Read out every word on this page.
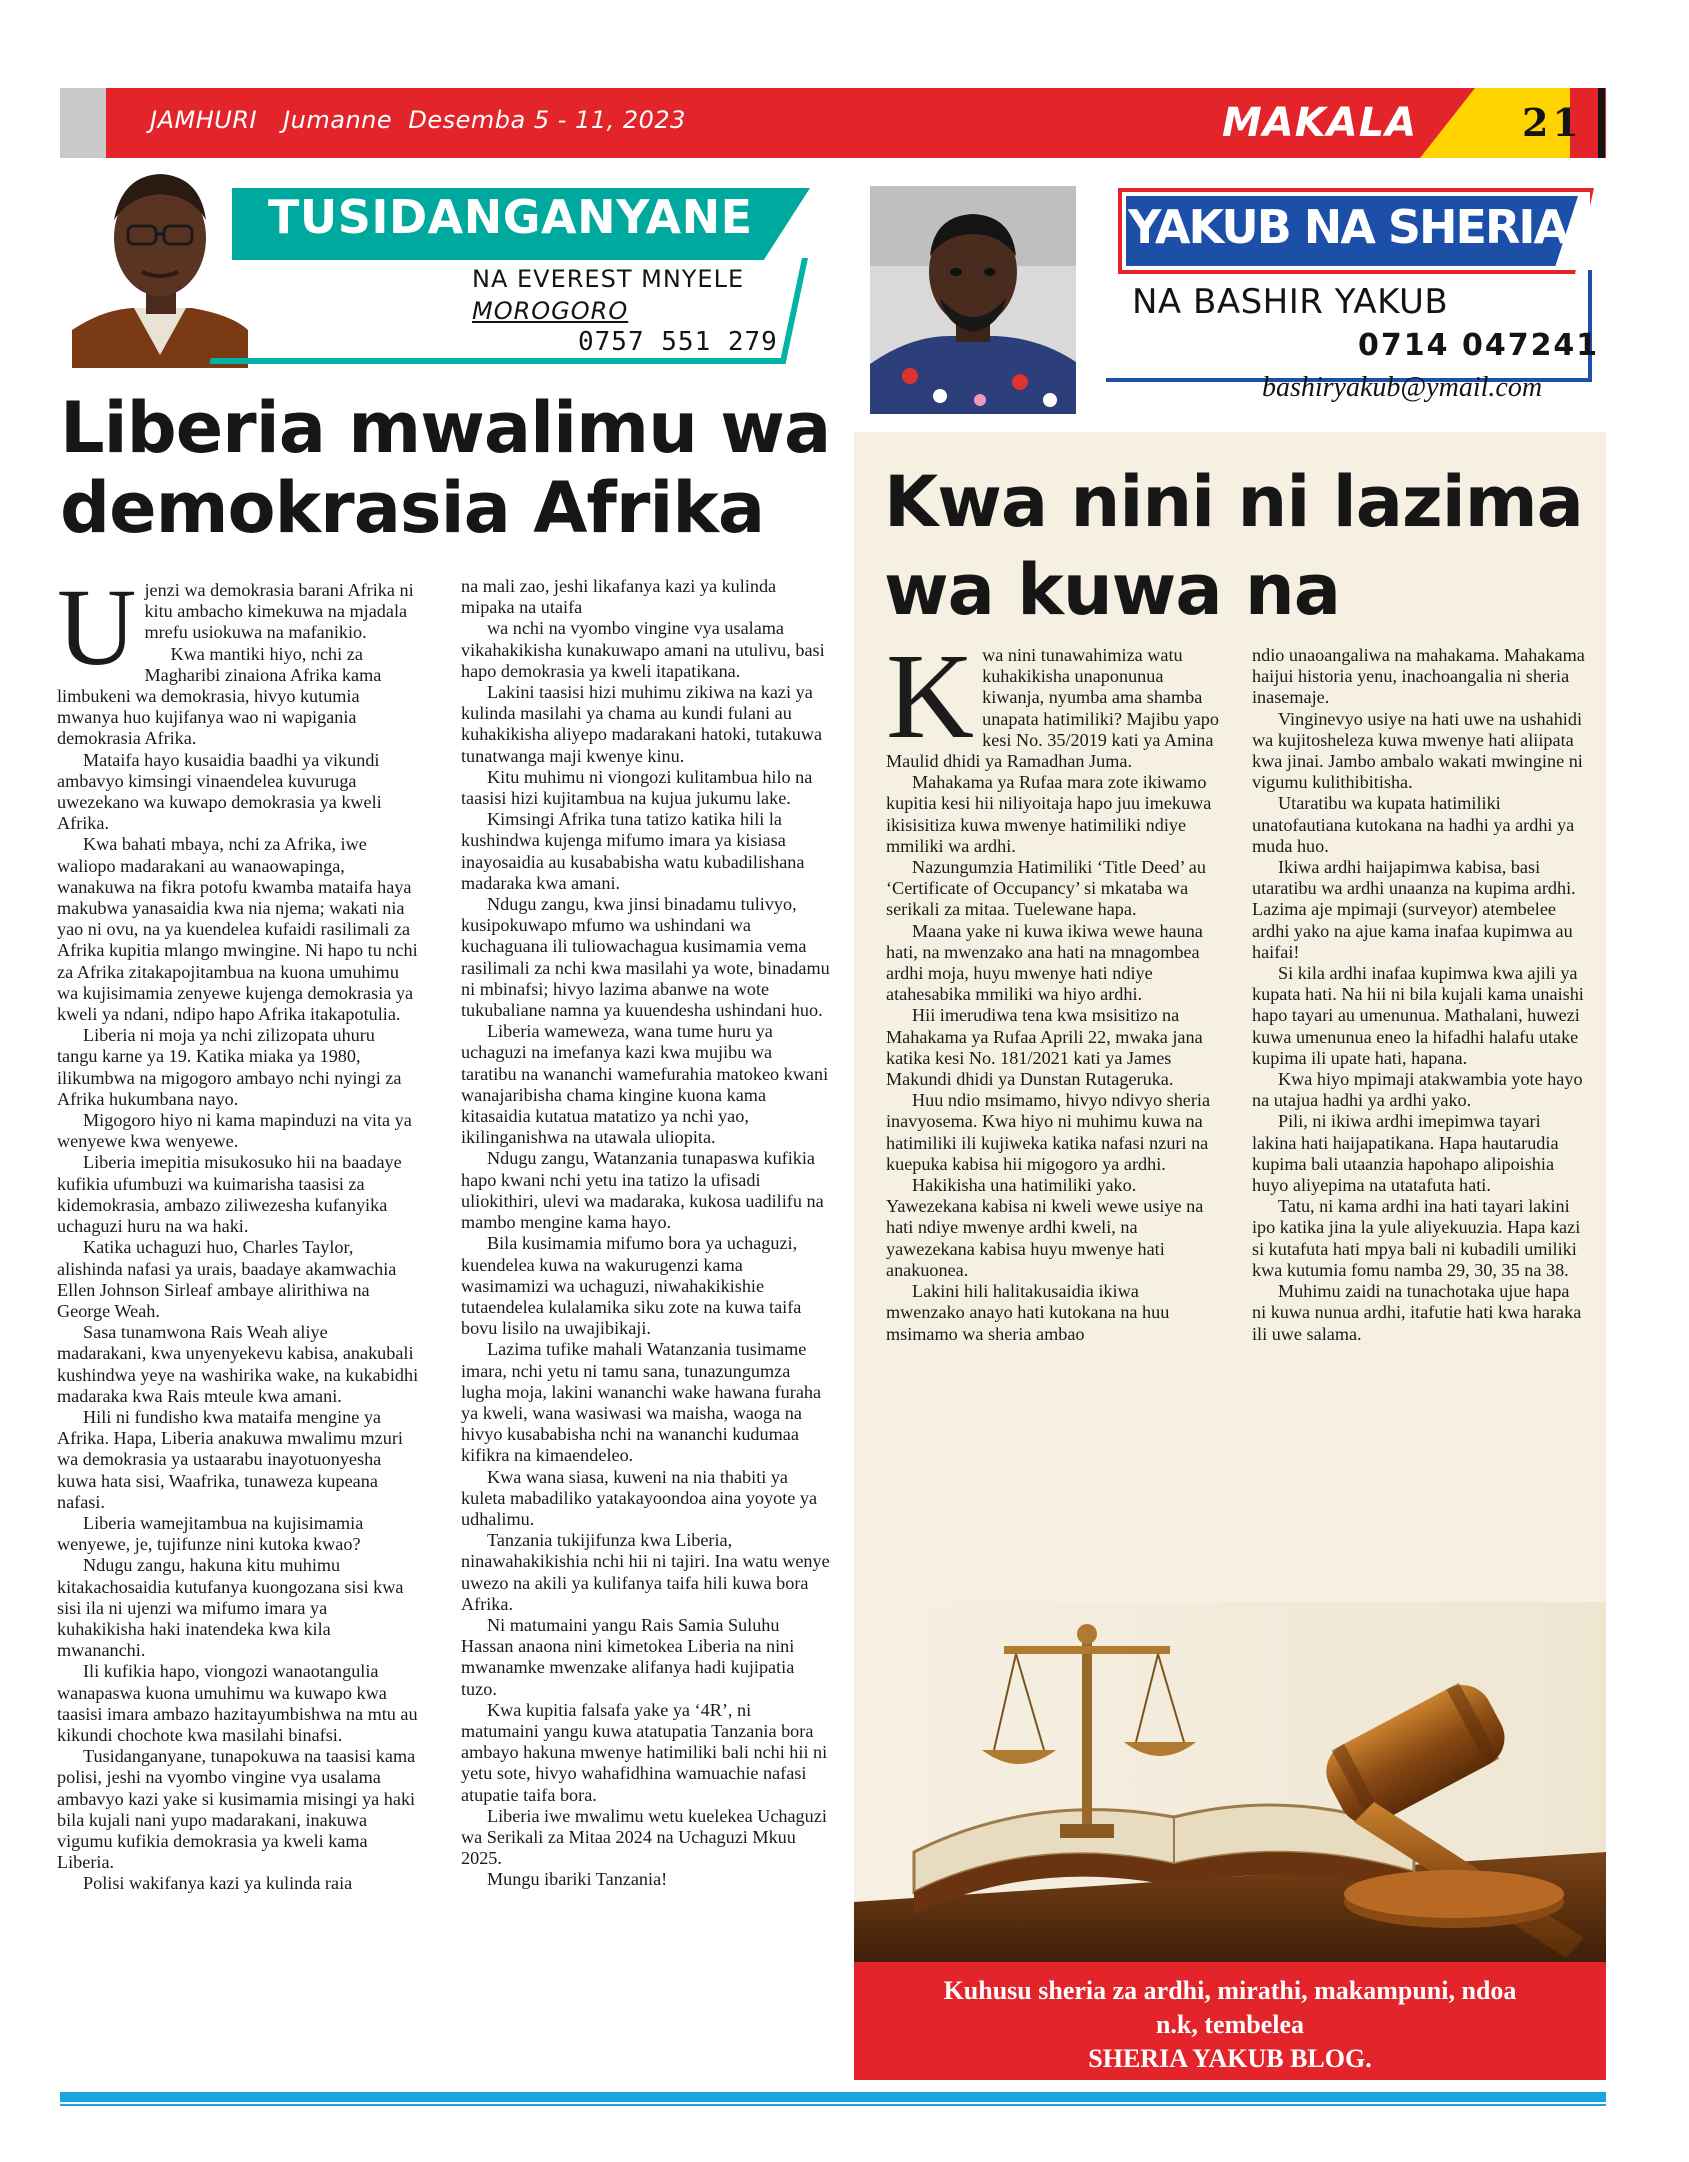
JAMHURI Jumanne Desemba 5 - 11, 2023	MAKALA	21
TUSIDANGANYANE
NA EVEREST MNYELE
MOROGORO
0757 551 279
Liberia mwalimu wa demokrasia Afrika
U jenzi wa demokrasia barani Afrika ni kitu ambacho kimekuwa na mjadala mrefu usiokuwa na mafanikio.

Kwa mantiki hiyo, nchi za Magharibi zinaiona Afrika kama limbukeni wa demokrasia, hivyo kutumia mwanya huo kujifanya wao ni wapigania demokrasia Afrika.

Mataifa hayo kusaidia baadhi ya vikundi ambavyo kimsingi vinaendelea kuvuruga uwezekano wa kuwapo demokrasia ya kweli Afrika.

Kwa bahati mbaya, nchi za Afrika, iwe waliopo madarakani au wanaowapinga, wanakuwa na fikra potofu kwamba mataifa haya makubwa yanasaidia kwa nia njema; wakati nia yao ni ovu, na ya kuendelea kufaidi rasilimali za Afrika kupitia mlango mwingine. Ni hapo tu nchi za Afrika zitakapojitambua na kuona umuhimu wa kujisimamia zenyewe kujenga demokrasia ya kweli ya ndani, ndipo hapo Afrika itakapotulia.

Liberia ni moja ya nchi zilizopata uhuru tangu karne ya 19. Katika miaka ya 1980, ilikumbwa na migogoro ambayo nchi nyingi za Afrika hukumbana nayo.

Migogoro hiyo ni kama mapinduzi na vita ya wenyewe kwa wenyewe.

Liberia imepitia misukosuko hii na baadaye kufikia ufumbuzi wa kuimarisha taasisi za kidemokrasia, ambazo ziliwezesha kufanyika uchaguzi huru na wa haki.

Katika uchaguzi huo, Charles Taylor, alishinda nafasi ya urais, baadaye akamwachia Ellen Johnson Sirleaf ambaye alirithiwa na George Weah.

Sasa tunamwona Rais Weah aliye madarakani, kwa unyenyekevu kabisa, anakubali kushindwa yeye na washirika wake, na kukabidhi madaraka kwa Rais mteule kwa amani.

Hili ni fundisho kwa mataifa mengine ya Afrika. Hapa, Liberia anakuwa mwalimu mzuri wa demokrasia ya ustaarabu inayotuonyesha kuwa hata sisi, Waafrika, tunaweza kupeana nafasi.

Liberia wamejitambua na kujisimamia wenyewe, je, tujifunze nini kutoka kwao?

Ndugu zangu, hakuna kitu muhimu kitakachosaidia kutufanya kuongozana sisi kwa sisi ila ni ujenzi wa mifumo imara ya kuhakikisha haki inatendeka kwa kila mwananchi.

Ili kufikia hapo, viongozi wanaotangulia wanapaswa kuona umuhimu wa kuwapo kwa taasisi imara ambazo hazitayumbishwa na mtu au kikundi chochote kwa masilahi binafsi.

Tusidanganyane, tunapokuwa na taasisi kama polisi, jeshi na vyombo vingine vya usalama ambavyo kazi yake si kusimamia misingi ya haki bila kujali nani yupo madarakani, inakuwa vigumu kufikia demokrasia ya kweli kama Liberia.

Polisi wakifanya kazi ya kulinda raia

na mali zao, jeshi likafanya kazi ya kulinda mipaka na utaifa

wa nchi na vyombo vingine vya usalama vikahakikisha kunakuwapo amani na utulivu, basi hapo demokrasia ya kweli itapatikana.

Lakini taasisi hizi muhimu zikiwa na kazi ya kulinda masilahi ya chama au kundi fulani au kuhakikisha aliyepo madarakani hatoki, tutakuwa tunatwanga maji kwenye kinu.

Kitu muhimu ni viongozi kulitambua hilo na taasisi hizi kujitambua na kujua jukumu lake.

Kimsingi Afrika tuna tatizo katika hili la kushindwa kujenga mifumo imara ya kisiasa inayosaidia au kusababisha watu kubadilishana madaraka kwa amani.

Ndugu zangu, kwa jinsi binadamu tulivyo, kusipokuwapo mfumo wa ushindani wa kuchaguana ili tuliowachagua kusimamia vema rasilimali za nchi kwa masilahi ya wote, binadamu ni mbinafsi; hivyo lazima abanwe na wote tukubaliane namna ya kuuendesha ushindani huo.

Liberia wameweza, wana tume huru ya uchaguzi na imefanya kazi kwa mujibu wa taratibu na wananchi wamefurahia matokeo kwani wanajaribisha chama kingine kuona kama kitasaidia kutatua matatizo ya nchi yao, ikilinganishwa na utawala uliopita.

Ndugu zangu, Watanzania tunapaswa kufikia hapo kwani nchi yetu ina tatizo la ufisadi uliokithiri, ulevi wa madaraka, kukosa uadilifu na mambo mengine kama hayo.

Bila kusimamia mifumo bora ya uchaguzi, kuendelea kuwa na wakurugenzi kama wasimamizi wa uchaguzi, niwahakikishie tutaendelea kulalamika siku zote na kuwa taifa bovu lisilo na uwajibikaji.

Lazima tufike mahali Watanzania tusimame imara, nchi yetu ni tamu sana, tunazungumza lugha moja, lakini wananchi wake hawana furaha ya kweli, wana wasiwasi wa maisha, waoga na hivyo kusababisha nchi na wananchi kudumaa kifikra na kimaendeleo.

Kwa wana siasa, kuweni na nia thabiti ya kuleta mabadiliko yatakayoondoa aina yoyote ya udhalimu.

Tanzania tukijifunza kwa Liberia, ninawahakikishia nchi hii ni tajiri. Ina watu wenye uwezo na akili ya kulifanya taifa hili kuwa bora Afrika.

Ni matumaini yangu Rais Samia Suluhu Hassan anaona nini kimetokea Liberia na nini mwanamke mwenzake alifanya hadi kujipatia tuzo.

Kwa kupitia falsafa yake ya ‘4R’, ni matumaini yangu kuwa atatupatia Tanzania bora ambayo hakuna mwenye hatimiliki bali nchi hii ni yetu sote, hivyo wahafidhina wamuachie nafasi atupatie taifa bora.

Liberia iwe mwalimu wetu kuelekea Uchaguzi wa Serikali za Mitaa 2024 na Uchaguzi Mkuu 2025.

Mungu ibariki Tanzania!

YAKUB NA SHERIA
NA BASHIR YAKUB
0714 047241
bashiryakub@ymail.com
Kwa nini ni lazima wa kuwa na
K wa nini tunawahimiza watu kuhakikisha unaponunua kiwanja, nyumba ama shamba unapata hatimiliki? Majibu yapo kesi No. 35/2019 kati ya Amina Maulid dhidi ya Ramadhan Juma.

Mahakama ya Rufaa mara zote ikiwamo kupitia kesi hii niliyoitaja hapo juu imekuwa ikisisitiza kuwa mwenye hatimiliki ndiye mmiliki wa ardhi.

Nazungumzia Hatimiliki ‘Title Deed’ au ‘Certificate of Occupancy’ si mkataba wa serikali za mitaa. Tuelewane hapa.

Maana yake ni kuwa ikiwa wewe hauna hati, na mwenzako ana hati na mnagombea ardhi moja, huyu mwenye hati ndiye atahesabika mmiliki wa hiyo ardhi.

Hii imerudiwa tena kwa msisitizo na Mahakama ya Rufaa Aprili 22, mwaka jana katika kesi No. 181/2021 kati ya James Makundi dhidi ya Dunstan Rutageruka.

Huu ndio msimamo, hivyo ndivyo sheria inavyosema. Kwa hiyo ni muhimu kuwa na hatimiliki ili kujiweka katika nafasi nzuri na kuepuka kabisa hii migogoro ya ardhi.

Hakikisha una hatimiliki yako. Yawezekana kabisa ni kweli wewe usiye na hati ndiye mwenye ardhi kweli, na yawezekana kabisa huyu mwenye hati anakuonea.

Lakini hili halitakusaidia ikiwa mwenzako anayo hati kutokana na huu msimamo wa sheria ambao

ndio unaoangaliwa na mahakama. Mahakama haijui historia yenu, inachoangalia ni sheria inasemaje.

Vinginevyo usiye na hati uwe na ushahidi wa kujitosheleza kuwa mwenye hati aliipata kwa jinai. Jambo ambalo wakati mwingine ni vigumu kulithibitisha.

Utaratibu wa kupata hatimiliki unatofautiana kutokana na hadhi ya ardhi ya muda huo.

Ikiwa ardhi haijapimwa kabisa, basi utaratibu wa ardhi unaanza na kupima ardhi. Lazima aje mpimaji (surveyor) atembelee ardhi yako na ajue kama inafaa kupimwa au haifai!

Si kila ardhi inafaa kupimwa kwa ajili ya kupata hati. Na hii ni bila kujali kama unaishi hapo tayari au umenunua. Mathalani, huwezi kuwa umenunua eneo la hifadhi halafu utake kupima ili upate hati, hapana.

Kwa hiyo mpimaji atakwambia yote hayo na utajua hadhi ya ardhi yako.

Pili, ni ikiwa ardhi imepimwa tayari lakina hati haijapatikana. Hapa hautarudia kupima bali utaanzia hapohapo alipoishia huyo aliyepima na utatafuta hati.

Tatu, ni kama ardhi ina hati tayari lakini ipo katika jina la yule aliyekuuzia. Hapa kazi si kutafuta hati mpya bali ni kubadili umiliki kwa kutumia fomu namba 29, 30, 35 na 38.

Muhimu zaidi na tunachotaka ujue hapa ni kuwa nunua ardhi, itafutie hati kwa haraka ili uwe salama.

Kuhusu sheria za ardhi, mirathi, makampuni, ndoa
n.k, tembelea
SHERIA YAKUB BLOG.
